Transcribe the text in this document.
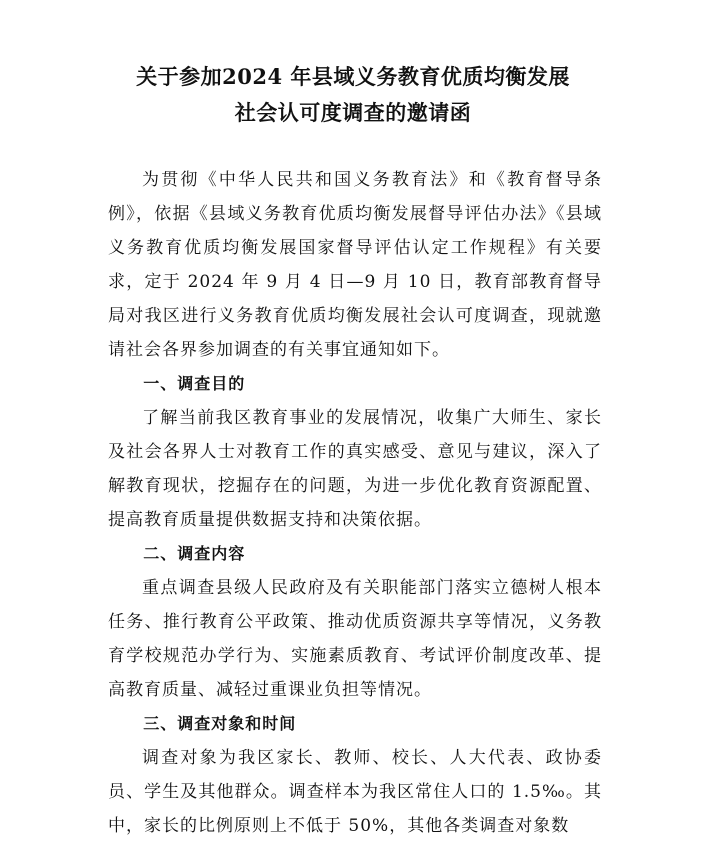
关于参加2024 年县域义务教育优质均衡发展
社会认可度调查的邀请函

为贯彻《中华人民共和国义务教育法》和《教育督导条例》，依据《县域义务教育优质均衡发展督导评估办法》《县域义务教育优质均衡发展国家督导评估认定工作规程》有关要求，定于 2024 年 9 月 4 日—9 月 10 日，教育部教育督导局对我区进行义务教育优质均衡发展社会认可度调查，现就邀请社会各界参加调查的有关事宜通知如下。

一、调查目的

了解当前我区教育事业的发展情况，收集广大师生、家长及社会各界人士对教育工作的真实感受、意见与建议，深入了解教育现状，挖掘存在的问题，为进一步优化教育资源配置、提高教育质量提供数据支持和决策依据。

二、调查内容

重点调查县级人民政府及有关职能部门落实立德树人根本任务、推行教育公平政策、推动优质资源共享等情况，义务教育学校规范办学行为、实施素质教育、考试评价制度改革、提高教育质量、减轻过重课业负担等情况。

三、调查对象和时间

调查对象为我区家长、教师、校长、人大代表、政协委员、学生及其他群众。调查样本为我区常住人口的 1.5‰。其中，家长的比例原则上不低于 50%，其他各类调查对象数
